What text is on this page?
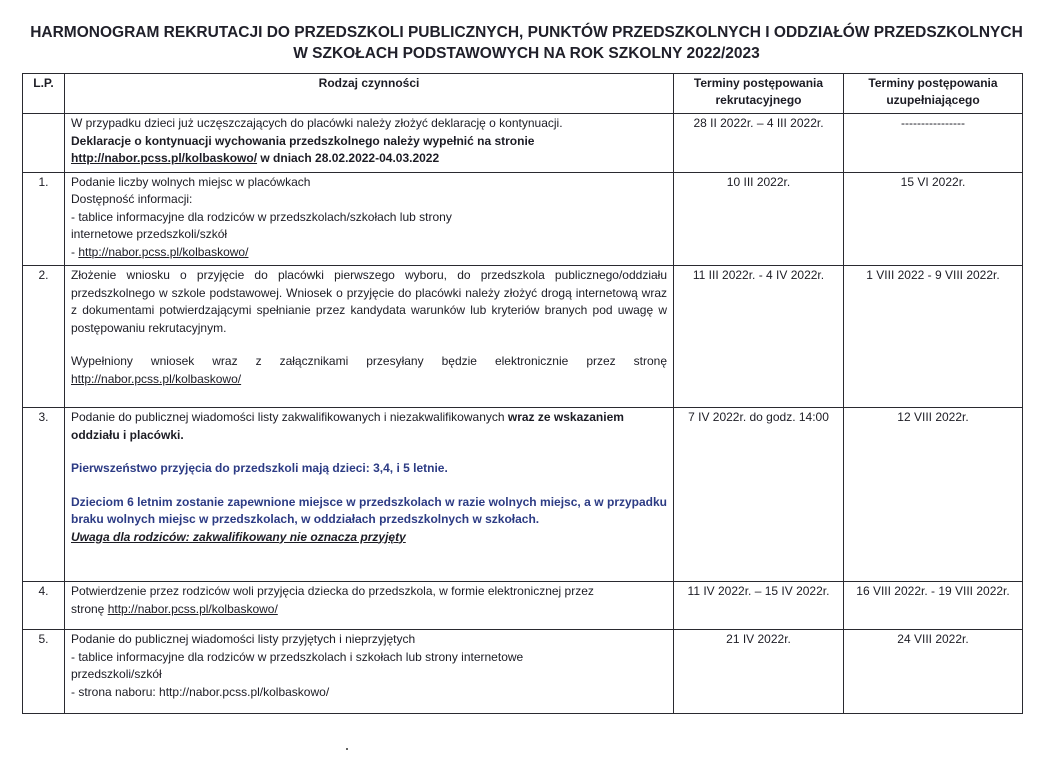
HARMONOGRAM REKRUTACJI DO PRZEDSZKOLI PUBLICZNYCH, PUNKTÓW PRZEDSZKOLNYCH I ODDZIAŁÓW PRZEDSZKOLNYCH
W SZKOŁACH PODSTAWOWYCH NA ROK SZKOLNY 2022/2023
L.P.	Rodzaj czynności	Terminy postępowania rekrutacyjnego	Terminy postępowania uzupełniającego

	W przypadku dzieci już uczęszczających do placówki należy złożyć deklarację o kontynuacji.
Deklaracje o kontynuacji wychowania przedszkolnego należy wypełnić na stronie
http://nabor.pcss.pl/kolbaskowo/ w dniach 28.02.2022-04.03.2022	28 II 2022r. – 4 III 2022r.	----------------
1.	Podanie liczby wolnych miejsc w placówkach
Dostępność informacji:
- tablice informacyjne dla rodziców w przedszkolach/szkołach lub strony internetowe przedszkoli/szkół
- http://nabor.pcss.pl/kolbaskowo/	10 III 2022r.	15 VI 2022r.
2.	Złożenie wniosku o przyjęcie do placówki pierwszego wyboru, do przedszkola publicznego/oddziału przedszkolnego w szkole podstawowej. Wniosek o przyjęcie do placówki należy złożyć drogą internetową wraz z dokumentami potwierdzającymi spełnianie przez kandydata warunków lub kryteriów branych pod uwagę w postępowaniu rekrutacyjnym.
Wypełniony wniosek wraz z załącznikami przesyłany będzie elektronicznie przez stronę
http://nabor.pcss.pl/kolbaskowo/	11 III 2022r. - 4 IV 2022r.	1 VIII 2022 - 9 VIII 2022r.
3.	Podanie do publicznej wiadomości listy zakwalifikowanych i niezakwalifikowanych wraz ze wskazaniem oddziału i placówki.
Pierwszeństwo przyjęcia do przedszkoli mają dzieci: 3,4, i 5 letnie.
Dzieciom 6 letnim zostanie zapewnione miejsce w przedszkolach w razie wolnych miejsc, a w przypadku braku wolnych miejsc w przedszkolach, w oddziałach przedszkolnych w szkołach.
Uwaga dla rodziców: zakwalifikowany nie oznacza przyjęty	7 IV 2022r. do godz. 14:00	12 VIII 2022r.
4.	Potwierdzenie przez rodziców woli przyjęcia dziecka do przedszkola, w formie elektronicznej przez stronę http://nabor.pcss.pl/kolbaskowo/	11 IV 2022r. – 15 IV 2022r.	16 VIII 2022r. - 19 VIII 2022r.
5.	Podanie do publicznej wiadomości listy przyjętych i nieprzyjętych
- tablice informacyjne dla rodziców w przedszkolach i szkołach lub strony internetowe przedszkoli/szkół
- strona naboru: http://nabor.pcss.pl/kolbaskowo/	21 IV 2022r.	24 VIII 2022r.
